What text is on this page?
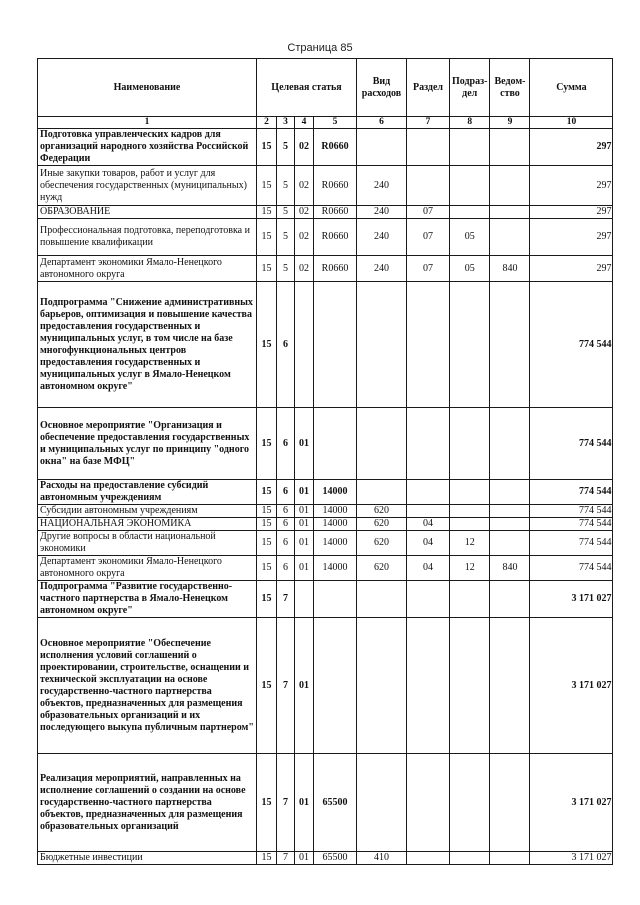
Страница 85
Наименование	Целевая статья				Вид расходов	Раздел	Подраз-дел	Ведом-ство	Сумма
1	2	3	4	5	6	7	8	9	10
Подготовка управленческих кадров для организаций народного хозяйства Российской Федерации	15	5	02	R0660					297
Иные закупки товаров, работ и услуг для обеспечения государственных (муниципальных) нужд	15	5	02	R0660	240				297
ОБРАЗОВАНИЕ	15	5	02	R0660	240	07			297
Профессиональная подготовка, переподготовка и повышение квалификации	15	5	02	R0660	240	07	05		297
Департамент экономики Ямало-Ненецкого автономного округа	15	5	02	R0660	240	07	05	840	297
Подпрограмма "Снижение административных барьеров, оптимизация и повышение качества предоставления государственных и муниципальных услуг, в том числе на базе многофункциональных центров предоставления государственных и муниципальных услуг в Ямало-Ненецком автономном округе"	15	6							774 544
Основное мероприятие "Организация и обеспечение предоставления государственных и муниципальных услуг по принципу "одного окна" на базе МФЦ"	15	6	01						774 544
Расходы на предоставление субсидий автономным учреждениям	15	6	01	14000					774 544
Субсидии автономным учреждениям	15	6	01	14000	620				774 544
НАЦИОНАЛЬНАЯ ЭКОНОМИКА	15	6	01	14000	620	04			774 544
Другие вопросы в области национальной экономики	15	6	01	14000	620	04	12		774 544
Департамент экономики Ямало-Ненецкого автономного округа	15	6	01	14000	620	04	12	840	774 544
Подпрограмма "Развитие государственно-частного партнерства в Ямало-Ненецком автономном округе"	15	7							3 171 027
Основное мероприятие "Обеспечение исполнения условий соглашений о проектировании, строительстве, оснащении и технической эксплуатации на основе государственно-частного партнерства объектов, предназначенных для размещения образовательных организаций и их последующего выкупа публичным партнером"	15	7	01						3 171 027
Реализация мероприятий, направленных на исполнение соглашений о создании на основе государственно-частного партнерства объектов, предназначенных для размещения образовательных организаций	15	7	01	65500					3 171 027
Бюджетные инвестиции	15	7	01	65500	410				3 171 027
